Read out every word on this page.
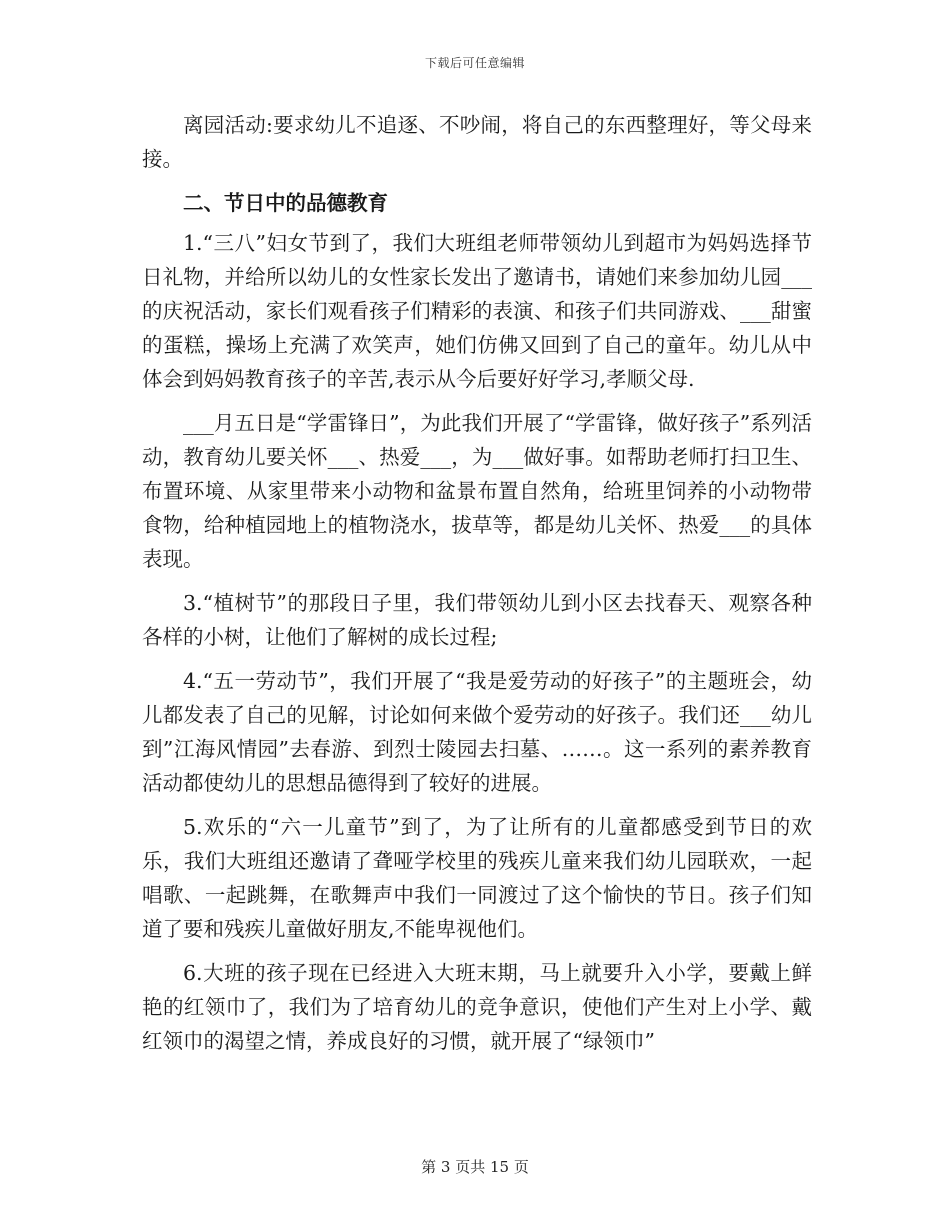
下载后可任意编辑

离园活动:要求幼儿不追逐、不吵闹，将自己的东西整理好，等父母来接。

二、节日中的品德教育

1.“三八”妇女节到了，我们大班组老师带领幼儿到超市为妈妈选择节日礼物，并给所以幼儿的女性家长发出了邀请书，请她们来参加幼儿园___的庆祝活动，家长们观看孩子们精彩的表演、和孩子们共同游戏、___甜蜜的蛋糕，操场上充满了欢笑声，她们仿佛又回到了自己的童年。幼儿从中体会到妈妈教育孩子的辛苦,表示从今后要好好学习,孝顺父母.

___月五日是“学雷锋日”，为此我们开展了“学雷锋，做好孩子”系列活动，教育幼儿要关怀___、热爱___，为___做好事。如帮助老师打扫卫生、布置环境、从家里带来小动物和盆景布置自然角，给班里饲养的小动物带食物，给种植园地上的植物浇水，拔草等，都是幼儿关怀、热爱___的具体表现。

3.“植树节”的那段日子里，我们带领幼儿到小区去找春天、观察各种各样的小树，让他们了解树的成长过程;

4.“五一劳动节”，我们开展了“我是爱劳动的好孩子”的主题班会，幼儿都发表了自己的见解，讨论如何来做个爱劳动的好孩子。我们还___幼儿到”江海风情园”去春游、到烈士陵园去扫墓、……。这一系列的素养教育活动都使幼儿的思想品德得到了较好的进展。

5.欢乐的“六一儿童节”到了，为了让所有的儿童都感受到节日的欢乐，我们大班组还邀请了聋哑学校里的残疾儿童来我们幼儿园联欢，一起唱歌、一起跳舞，在歌舞声中我们一同渡过了这个愉快的节日。孩子们知道了要和残疾儿童做好朋友,不能卑视他们。

6.大班的孩子现在已经进入大班末期，马上就要升入小学，要戴上鲜艳的红领巾了，我们为了培育幼儿的竞争意识，使他们产生对上小学、戴红领巾的渴望之情，养成良好的习惯，就开展了“绿领巾”

第 3 页共 15 页
